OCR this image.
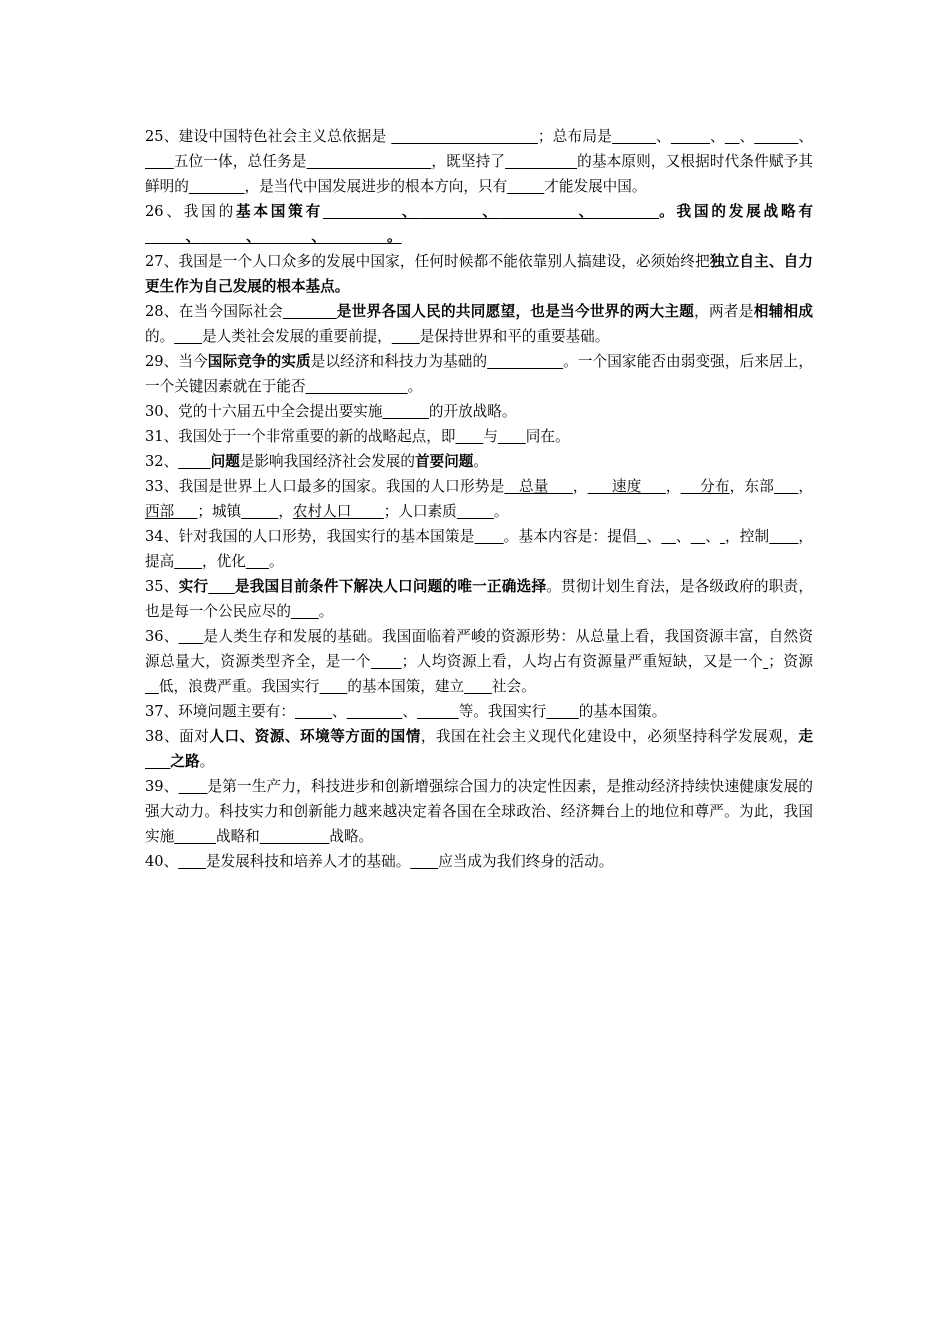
25、建设中国特色社会主义总依据是	；总布局是	、	、 、	、      五位一体，总任务是	，既坚持了	的基本原则，又根据时代条件赋予其鲜明的	，是当代中国发展进步的根本方向，只有	才能发展中国。

26、我国的基本国策有	、	、	、	。我国的发展战略有        、	、	、	。

27、我国是一个人口众多的发展中国家，任何时候都不能依靠别人搞建设，必须始终把独立自主、自力更生作为自己发展的根本基点。

28、在当今国际社会	是世界各国人民的共同愿望，也是当今世界的两大主题，两者是相辅相成的。 是人类社会发展的重要前提， 是保持世界和平的重要基础。

29、当今国际竞争的实质是以经济和科技力为基础的	。一个国家能否由弱变强，后来居上，一个关键因素就在于能否	。

30、党的十六届五中全会提出要实施	的开放战略。

31、我国处于一个非常重要的新的战略起点，即 与 同在。

32、 问题是影响我国经济社会发展的首要问题。

33、我国是世界上人口最多的国家。我国的人口形势是   总量     ，     速度     ，    分布，东部 ，西部     ；城镇	，农村人口       ；人口素质	。

34、针对我国的人口形势，我国实行的基本国策是 。基本内容是：提倡 、 、 、 ，控制 ，提高 ，优化 。

35、实行 是我国目前条件下解决人口问题的唯一正确选择。贯彻计划生育法，是各级政府的职责，也是每一个公民应尽的 。

36、 是人类生存和发展的基础。我国面临着严峻的资源形势：从总量上看，我国资源丰富，自然资源总量大，资源类型齐全，是一个 ；人均资源上看，人均占有资源量严重短缺，又是一个 ；资源   低，浪费严重。我国实行 的基本国策，建立 社会。

37、环境问题主要有：	、	、	等。我国实行 的基本国策。

38、面对人口、资源、环境等方面的国情，我国在社会主义现代化建设中，必须坚持科学发展观，走     之路。

39、 是第一生产力，科技进步和创新增强综合国力的决定性因素，是推动经济持续快速健康发展的强大动力。科技实力和创新能力越来越决定着各国在全球政治、经济舞台上的地位和尊严。为此，我国实施	战略和	战略。

40、 是发展科技和培养人才的基础。 应当成为我们终身的活动。
